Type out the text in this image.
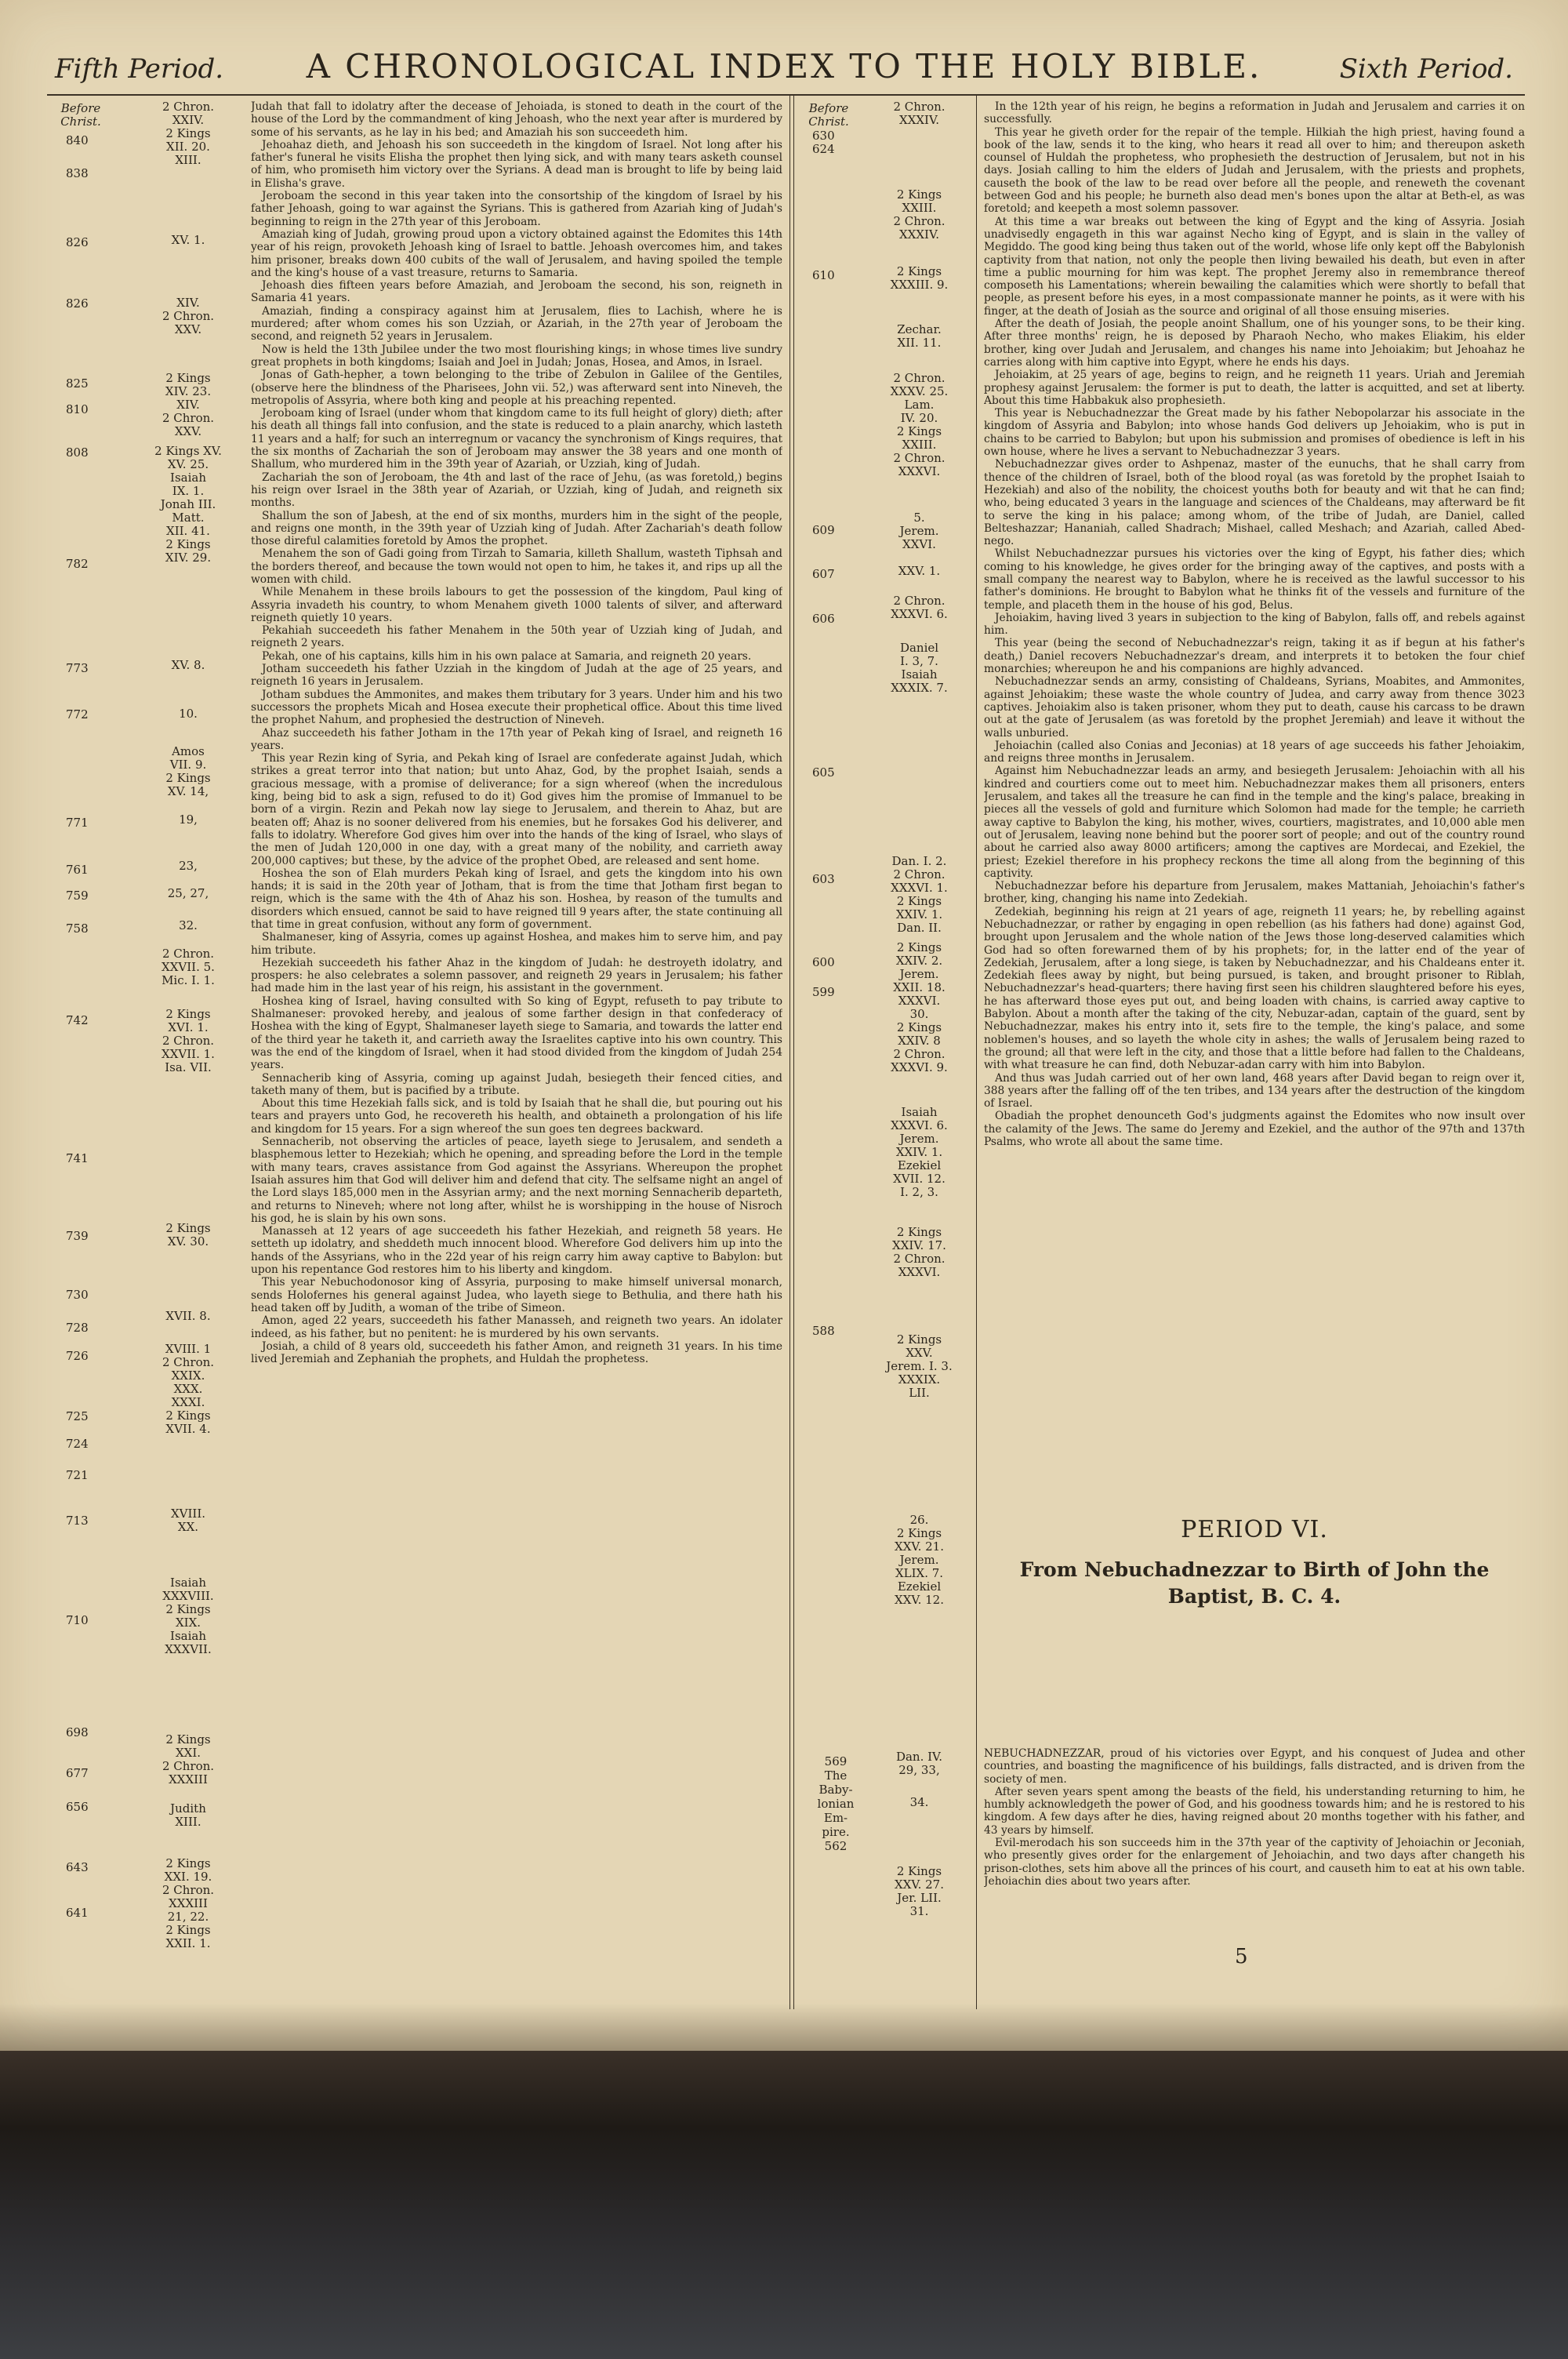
Fifth Period.	A CHRONOLOGICAL INDEX TO THE HOLY BIBLE.	Sixth Period.
Before
Christ.
840
838
826
826
825
810
808
782
773
772
771
761
759
758
742
741
739
730
728
726
725
724
721
713
710
698
677
656
643
641
2 Chron.
XXIV.
2 Kings
XII. 20.
XIII.
XV. 1.
XIV.
2 Chron.
XXV.
2 Kings
XIV. 23.
XIV.
2 Chron.
XXV.
2 Kings XV.
XV. 25.
Isaiah
IX. 1.
Jonah III.
Matt.
XII. 41.
2 Kings
XIV. 29.
XV. 8.
10.
Amos
VII. 9.
2 Kings
XV. 14,
19,
23,
25, 27,
32.
2 Chron.
XXVII. 5.
Mic. I. 1.
2 Kings
XVI. 1.
2 Chron.
XXVII. 1.
Isa. VII.
2 Kings
XV. 30.
XVII. 8.
XVIII. 1
2 Chron.
XXIX.
XXX.
XXXI.
2 Kings
XVII. 4.
XVIII.
XX.
Isaiah
XXXVIII.
2 Kings
XIX.
Isaiah
XXXVII.
2 Kings
XXI.
2 Chron.
XXXIII
Judith
XIII.
2 Kings
XXI. 19.
2 Chron.
XXXIII
21, 22.
2 Kings
XXII. 1.

Judah that fall to idolatry after the decease of Jehoiada, is stoned to death in the court of the house of the Lord by the commandment of king Jehoash, who the next year after is murdered by some of his servants, as he lay in his bed; and Amaziah his son succeedeth him.

Jehoahaz dieth, and Jehoash his son succeedeth in the kingdom of Israel. Not long after his father's funeral he visits Elisha the prophet then lying sick, and with many tears asketh counsel of him, who promiseth him victory over the Syrians. A dead man is brought to life by being laid in Elisha's grave.

Jeroboam the second in this year taken into the consortship of the kingdom of Israel by his father Jehoash, going to war against the Syrians. This is gathered from Azariah king of Judah's beginning to reign in the 27th year of this Jeroboam.

Amaziah king of Judah, growing proud upon a victory obtained against the Edomites this 14th year of his reign, provoketh Jehoash king of Israel to battle. Jehoash overcomes him, and takes him prisoner, breaks down 400 cubits of the wall of Jerusalem, and having spoiled the temple and the king's house of a vast treasure, returns to Samaria.

Jehoash dies fifteen years before Amaziah, and Jeroboam the second, his son, reigneth in Samaria 41 years.

Amaziah, finding a conspiracy against him at Jerusalem, flies to Lachish, where he is murdered; after whom comes his son Uzziah, or Azariah, in the 27th year of Jeroboam the second, and reigneth 52 years in Jerusalem.

Now is held the 13th Jubilee under the two most flourishing kings; in whose times live sundry great prophets in both kingdoms; Isaiah and Joel in Judah; Jonas, Hosea, and Amos, in Israel.

Jonas of Gath-hepher, a town belonging to the tribe of Zebulon in Galilee of the Gentiles, (observe here the blindness of the Pharisees, John vii. 52,) was afterward sent into Nineveh, the metropolis of Assyria, where both king and people at his preaching repented.

Jeroboam king of Israel (under whom that kingdom came to its full height of glory) dieth; after his death all things fall into confusion, and the state is reduced to a plain anarchy, which lasteth 11 years and a half; for such an interregnum or vacancy the synchronism of Kings requires, that the six months of Zachariah the son of Jeroboam may answer the 38 years and one month of Shallum, who murdered him in the 39th year of Azariah, or Uzziah, king of Judah.

Zachariah the son of Jeroboam, the 4th and last of the race of Jehu, (as was foretold,) begins his reign over Israel in the 38th year of Azariah, or Uzziah, king of Judah, and reigneth six months.

Shallum the son of Jabesh, at the end of six months, murders him in the sight of the people, and reigns one month, in the 39th year of Uzziah king of Judah. After Zachariah's death follow those direful calamities foretold by Amos the prophet.

Menahem the son of Gadi going from Tirzah to Samaria, killeth Shallum, wasteth Tiphsah and the borders thereof, and because the town would not open to him, he takes it, and rips up all the women with child.

While Menahem in these broils labours to get the possession of the kingdom, Paul king of Assyria invadeth his country, to whom Menahem giveth 1000 talents of silver, and afterward reigneth quietly 10 years.

Pekahiah succeedeth his father Menahem in the 50th year of Uzziah king of Judah, and reigneth 2 years.

Pekah, one of his captains, kills him in his own palace at Samaria, and reigneth 20 years.

Jotham succeedeth his father Uzziah in the kingdom of Judah at the age of 25 years, and reigneth 16 years in Jerusalem.

Jotham subdues the Ammonites, and makes them tributary for 3 years. Under him and his two successors the prophets Micah and Hosea execute their prophetical office. About this time lived the prophet Nahum, and prophesied the destruction of Nineveh.

Ahaz succeedeth his father Jotham in the 17th year of Pekah king of Israel, and reigneth 16 years.

This year Rezin king of Syria, and Pekah king of Israel are confederate against Judah, which strikes a great terror into that nation; but unto Ahaz, God, by the prophet Isaiah, sends a gracious message, with a promise of deliverance; for a sign whereof (when the incredulous king, being bid to ask a sign, refused to do it) God gives him the promise of Immanuel to be born of a virgin. Rezin and Pekah now lay siege to Jerusalem, and therein to Ahaz, but are beaten off; Ahaz is no sooner delivered from his enemies, but he forsakes God his deliverer, and falls to idolatry. Wherefore God gives him over into the hands of the king of Israel, who slays of the men of Judah 120,000 in one day, with a great many of the nobility, and carrieth away 200,000 captives; but these, by the advice of the prophet Obed, are released and sent home.

Hoshea the son of Elah murders Pekah king of Israel, and gets the kingdom into his own hands; it is said in the 20th year of Jotham, that is from the time that Jotham first began to reign, which is the same with the 4th of Ahaz his son. Hoshea, by reason of the tumults and disorders which ensued, cannot be said to have reigned till 9 years after, the state continuing all that time in great confusion, without any form of government.

Shalmaneser, king of Assyria, comes up against Hoshea, and makes him to serve him, and pay him tribute.

Hezekiah succeedeth his father Ahaz in the kingdom of Judah: he destroyeth idolatry, and prospers: he also celebrates a solemn passover, and reigneth 29 years in Jerusalem; his father had made him in the last year of his reign, his assistant in the government.

Hoshea king of Israel, having consulted with So king of Egypt, refuseth to pay tribute to Shalmaneser: provoked hereby, and jealous of some farther design in that confederacy of Hoshea with the king of Egypt, Shalmaneser layeth siege to Samaria, and towards the latter end of the third year he taketh it, and carrieth away the Israelites captive into his own country. This was the end of the kingdom of Israel, when it had stood divided from the kingdom of Judah 254 years.

Sennacherib king of Assyria, coming up against Judah, besiegeth their fenced cities, and taketh many of them, but is pacified by a tribute.

About this time Hezekiah falls sick, and is told by Isaiah that he shall die, but pouring out his tears and prayers unto God, he recovereth his health, and obtaineth a prolongation of his life and kingdom for 15 years. For a sign whereof the sun goes ten degrees backward.

Sennacherib, not observing the articles of peace, layeth siege to Jerusalem, and sendeth a blasphemous letter to Hezekiah; which he opening, and spreading before the Lord in the temple with many tears, craves assistance from God against the Assyrians. Whereupon the prophet Isaiah assures him that God will deliver him and defend that city. The selfsame night an angel of the Lord slays 185,000 men in the Assyrian army; and the next morning Sennacherib departeth, and returns to Nineveh; where not long after, whilst he is worshipping in the house of Nisroch his god, he is slain by his own sons.

Manasseh at 12 years of age succeedeth his father Hezekiah, and reigneth 58 years. He setteth up idolatry, and sheddeth much innocent blood. Wherefore God delivers him up into the hands of the Assyrians, who in the 22d year of his reign carry him away captive to Babylon: but upon his repentance God restores him to his liberty and kingdom.

This year Nebuchodonosor king of Assyria, purposing to make himself universal monarch, sends Holofernes his general against Judea, who layeth siege to Bethulia, and there hath his head taken off by Judith, a woman of the tribe of Simeon.

Amon, aged 22 years, succeedeth his father Manasseh, and reigneth two years. An idolater indeed, as his father, but no penitent: he is murdered by his own servants.

Josiah, a child of 8 years old, succeedeth his father Amon, and reigneth 31 years. In his time lived Jeremiah and Zephaniah the prophets, and Huldah the prophetess.

Before
Christ.
630
624
610
609
607
606
605
603
600
599
588
569
The
Baby-
lonian
Em-
pire.
562
2 Chron.
XXXIV.
2 Kings
XXIII.
2 Chron.
XXXIV.
2 Kings
XXXIII. 9.
Zechar.
XII. 11.
2 Chron.
XXXV. 25.
Lam.
IV. 20.
2 Kings
XXIII.
2 Chron.
XXXVI.
5.
Jerem.
XXVI.
XXV. 1.
2 Chron.
XXXVI. 6.
Daniel
I. 3, 7.
Isaiah
XXXIX. 7.
Dan. I. 2.
2 Chron.
XXXVI. 1.
2 Kings
XXIV. 1.
Dan. II.
2 Kings
XXIV. 2.
Jerem.
XXII. 18.
XXXVI.
30.
2 Kings
XXIV. 8
2 Chron.
XXXVI. 9.
Isaiah
XXXVI. 6.
Jerem.
XXIV. 1.
Ezekiel
XVII. 12.
I. 2, 3.
2 Kings
XXIV. 17.
2 Chron.
XXXVI.
2 Kings
XXV.
Jerem. I. 3.
XXXIX.
LII.
26.
2 Kings
XXV. 21.
Jerem.
XLIX. 7.
Ezekiel
XXV. 12.
Dan. IV.
29, 33,
34.
2 Kings
XXV. 27.
Jer. LII.
31.

In the 12th year of his reign, he begins a reformation in Judah and Jerusalem and carries it on successfully.

This year he giveth order for the repair of the temple. Hilkiah the high priest, having found a book of the law, sends it to the king, who hears it read all over to him; and thereupon asketh counsel of Huldah the prophetess, who prophesieth the destruction of Jerusalem, but not in his days. Josiah calling to him the elders of Judah and Jerusalem, with the priests and prophets, causeth the book of the law to be read over before all the people, and reneweth the covenant between God and his people; he burneth also dead men's bones upon the altar at Beth-el, as was foretold; and keepeth a most solemn passover.

At this time a war breaks out between the king of Egypt and the king of Assyria. Josiah unadvisedly engageth in this war against Necho king of Egypt, and is slain in the valley of Megiddo. The good king being thus taken out of the world, whose life only kept off the Babylonish captivity from that nation, not only the people then living bewailed his death, but even in after time a public mourning for him was kept. The prophet Jeremy also in remembrance thereof composeth his Lamentations; wherein bewailing the calamities which were shortly to befall that people, as present before his eyes, in a most compassionate manner he points, as it were with his finger, at the death of Josiah as the source and original of all those ensuing miseries.

After the death of Josiah, the people anoint Shallum, one of his younger sons, to be their king. After three months' reign, he is deposed by Pharaoh Necho, who makes Eliakim, his elder brother, king over Judah and Jerusalem, and changes his name into Jehoiakim; but Jehoahaz he carries along with him captive into Egypt, where he ends his days.

Jehoiakim, at 25 years of age, begins to reign, and he reigneth 11 years. Uriah and Jeremiah prophesy against Jerusalem: the former is put to death, the latter is acquitted, and set at liberty. About this time Habbakuk also prophesieth.

This year is Nebuchadnezzar the Great made by his father Nebopolarzar his associate in the kingdom of Assyria and Babylon; into whose hands God delivers up Jehoiakim, who is put in chains to be carried to Babylon; but upon his submission and promises of obedience is left in his own house, where he lives a servant to Nebuchadnezzar 3 years.

Nebuchadnezzar gives order to Ashpenaz, master of the eunuchs, that he shall carry from thence of the children of Israel, both of the blood royal (as was foretold by the prophet Isaiah to Hezekiah) and also of the nobility, the choicest youths both for beauty and wit that he can find; who, being educated 3 years in the language and sciences of the Chaldeans, may afterward be fit to serve the king in his palace; among whom, of the tribe of Judah, are Daniel, called Belteshazzar; Hananiah, called Shadrach; Mishael, called Meshach; and Azariah, called Abed-nego.

Whilst Nebuchadnezzar pursues his victories over the king of Egypt, his father dies; which coming to his knowledge, he gives order for the bringing away of the captives, and posts with a small company the nearest way to Babylon, where he is received as the lawful successor to his father's dominions. He brought to Babylon what he thinks fit of the vessels and furniture of the temple, and placeth them in the house of his god, Belus.

Jehoiakim, having lived 3 years in subjection to the king of Babylon, falls off, and rebels against him.

This year (being the second of Nebuchadnezzar's reign, taking it as if begun at his father's death,) Daniel recovers Nebuchadnezzar's dream, and interprets it to betoken the four chief monarchies; whereupon he and his companions are highly advanced.

Nebuchadnezzar sends an army, consisting of Chaldeans, Syrians, Moabites, and Ammonites, against Jehoiakim; these waste the whole country of Judea, and carry away from thence 3023 captives. Jehoiakim also is taken prisoner, whom they put to death, cause his carcass to be drawn out at the gate of Jerusalem (as was foretold by the prophet Jeremiah) and leave it without the walls unburied.

Jehoiachin (called also Conias and Jeconias) at 18 years of age succeeds his father Jehoiakim, and reigns three months in Jerusalem.

Against him Nebuchadnezzar leads an army, and besiegeth Jerusalem: Jehoiachin with all his kindred and courtiers come out to meet him. Nebuchadnezzar makes them all prisoners, enters Jerusalem, and takes all the treasure he can find in the temple and the king's palace, breaking in pieces all the vessels of gold and furniture which Solomon had made for the temple; he carrieth away captive to Babylon the king, his mother, wives, courtiers, magistrates, and 10,000 able men out of Jerusalem, leaving none behind but the poorer sort of people; and out of the country round about he carried also away 8000 artificers; among the captives are Mordecai, and Ezekiel, the priest; Ezekiel therefore in his prophecy reckons the time all along from the beginning of this captivity.

Nebuchadnezzar before his departure from Jerusalem, makes Mattaniah, Jehoiachin's father's brother, king, changing his name into Zedekiah.

Zedekiah, beginning his reign at 21 years of age, reigneth 11 years; he, by rebelling against Nebuchadnezzar, or rather by engaging in open rebellion (as his fathers had done) against God, brought upon Jerusalem and the whole nation of the Jews those long-deserved calamities which God had so often forewarned them of by his prophets; for, in the latter end of the year of Zedekiah, Jerusalem, after a long siege, is taken by Nebuchadnezzar, and his Chaldeans enter it. Zedekiah flees away by night, but being pursued, is taken, and brought prisoner to Riblah, Nebuchadnezzar's head-quarters; there having first seen his children slaughtered before his eyes, he has afterward those eyes put out, and being loaden with chains, is carried away captive to Babylon. About a month after the taking of the city, Nebuzar-adan, captain of the guard, sent by Nebuchadnezzar, makes his entry into it, sets fire to the temple, the king's palace, and some noblemen's houses, and so layeth the whole city in ashes; the walls of Jerusalem being razed to the ground; all that were left in the city, and those that a little before had fallen to the Chaldeans, with what treasure he can find, doth Nebuzar-adan carry with him into Babylon.

And thus was Judah carried out of her own land, 468 years after David began to reign over it, 388 years after the falling off of the ten tribes, and 134 years after the destruction of the kingdom of Israel.

Obadiah the prophet denounceth God's judgments against the Edomites who now insult over the calamity of the Jews. The same do Jeremy and Ezekiel, and the author of the 97th and 137th Psalms, who wrote all about the same time.

PERIOD VI.
From Nebuchadnezzar to Birth of John the Baptist, B. C. 4.

NEBUCHADNEZZAR, proud of his victories over Egypt, and his conquest of Judea and other countries, and boasting the magnificence of his buildings, falls distracted, and is driven from the society of men.

After seven years spent among the beasts of the field, his understanding returning to him, he humbly acknowledgeth the power of God, and his goodness towards him; and he is restored to his kingdom. A few days after he dies, having reigned about 20 months together with his father, and 43 years by himself.

Evil-merodach his son succeeds him in the 37th year of the captivity of Jehoiachin or Jeconiah, who presently gives order for the enlargement of Jehoiachin, and two days after changeth his prison-clothes, sets him above all the princes of his court, and causeth him to eat at his own table. Jehoiachin dies about two years after.

5
